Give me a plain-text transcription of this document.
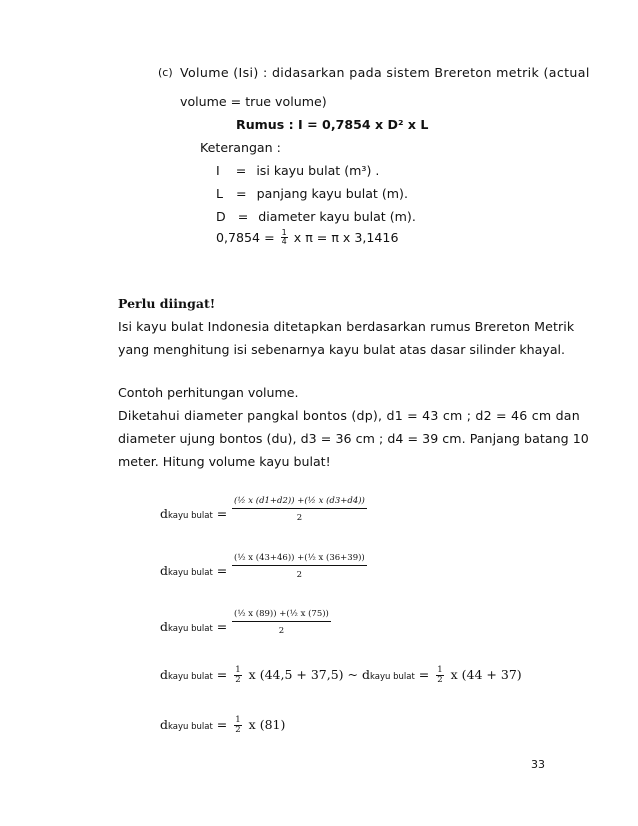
(c) Volume (Isi) : didasarkan pada sistem Brereton metrik (actual
volume = true volume)
Rumus : I = 0,7854 x D² x L
Keterangan :
I = isi kayu bulat (m³) .
L = panjang kayu bulat (m).
D = diameter kayu bulat (m).
$0,7854 = \frac{1}{4}$ x π = π x 3,1416
Perlu diingat!
Isi kayu bulat Indonesia ditetapkan berdasarkan rumus Brereton Metrik
yang menghitung isi sebenarnya kayu bulat atas dasar silinder khayal.
Contoh perhitungan volume.
Diketahui diameter pangkal bontos (dp), d1 = 43 cm ; d2 = 46 cm dan
diameter ujung bontos (du), d3 = 36 cm ; d4 = 39 cm. Panjang batang 10
meter. Hitung volume kayu bulat!
dkayu bulat = $\frac{\text{(½ x (d1+d2)) +(½ x (d3+d4))}}{2}$
dkayu bulat = $\frac{\text{(½ x (43+46)) +(½ x (36+39))}}{2}$
dkayu bulat = $\frac{\text{(½ x (89)) +(½ x (75))}}{2}$
dkayu bulat = $\frac{1}{2}$ x (44,5 + 37,5) ~ dkayu bulat = $\frac{1}{2}$ x (44 + 37)
dkayu bulat = $\frac{1}{2}$ x (81)
33
